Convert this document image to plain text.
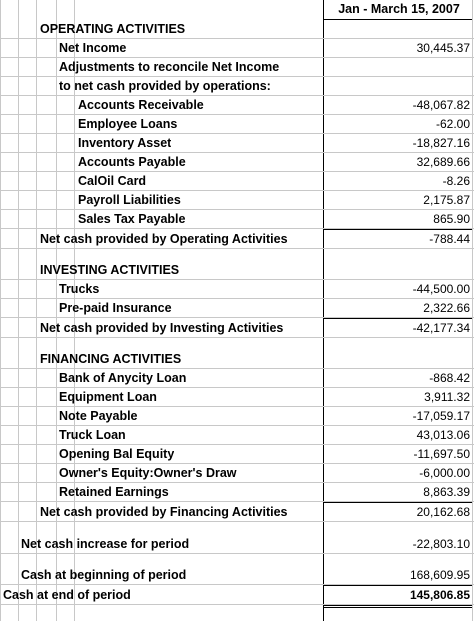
Jan - March 15, 2007
OPERATING ACTIVITIES
Net Income	30,445.37
Adjustments to reconcile Net Income
to net cash provided by operations:
Accounts Receivable	-48,067.82
Employee Loans	-62.00
Inventory Asset	-18,827.16
Accounts Payable	32,689.66
CalOil Card	-8.26
Payroll Liabilities	2,175.87
Sales Tax Payable	865.90
Net cash provided by Operating Activities	-788.44
INVESTING ACTIVITIES
Trucks	-44,500.00
Pre-paid Insurance	2,322.66
Net cash provided by Investing Activities	-42,177.34
FINANCING ACTIVITIES
Bank of Anycity Loan	-868.42
Equipment Loan	3,911.32
Note Payable	-17,059.17
Truck Loan	43,013.06
Opening Bal Equity	-11,697.50
Owner's Equity:Owner's Draw	-6,000.00
Retained Earnings	8,863.39
Net cash provided by Financing Activities	20,162.68
Net cash increase for period	-22,803.10
Cash at beginning of period	168,609.95
Cash at end of period	145,806.85
